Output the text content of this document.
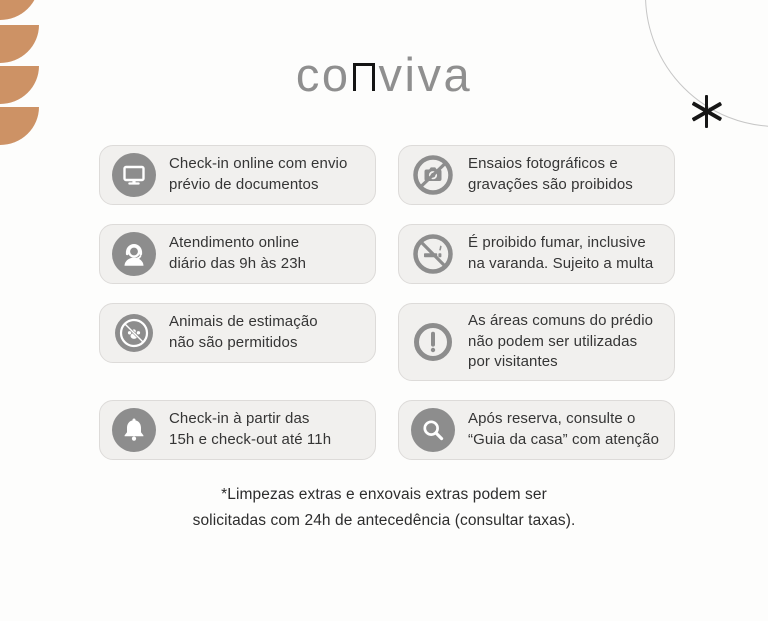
co viva
Check-in online com envio
prévio de documentos
Ensaios fotográficos e
gravações são proibidos
Atendimento online
diário das 9h às 23h
É proibido fumar, inclusive
na varanda. Sujeito a multa
Animais de estimação
não são permitidos
As áreas comuns do prédio
não podem ser utilizadas
por visitantes
Check-in à partir das
15h e check-out até 11h
Após reserva, consulte o
“Guia da casa” com atenção
*Limpezas extras e enxovais extras podem ser
solicitadas com 24h de antecedência (consultar taxas).
